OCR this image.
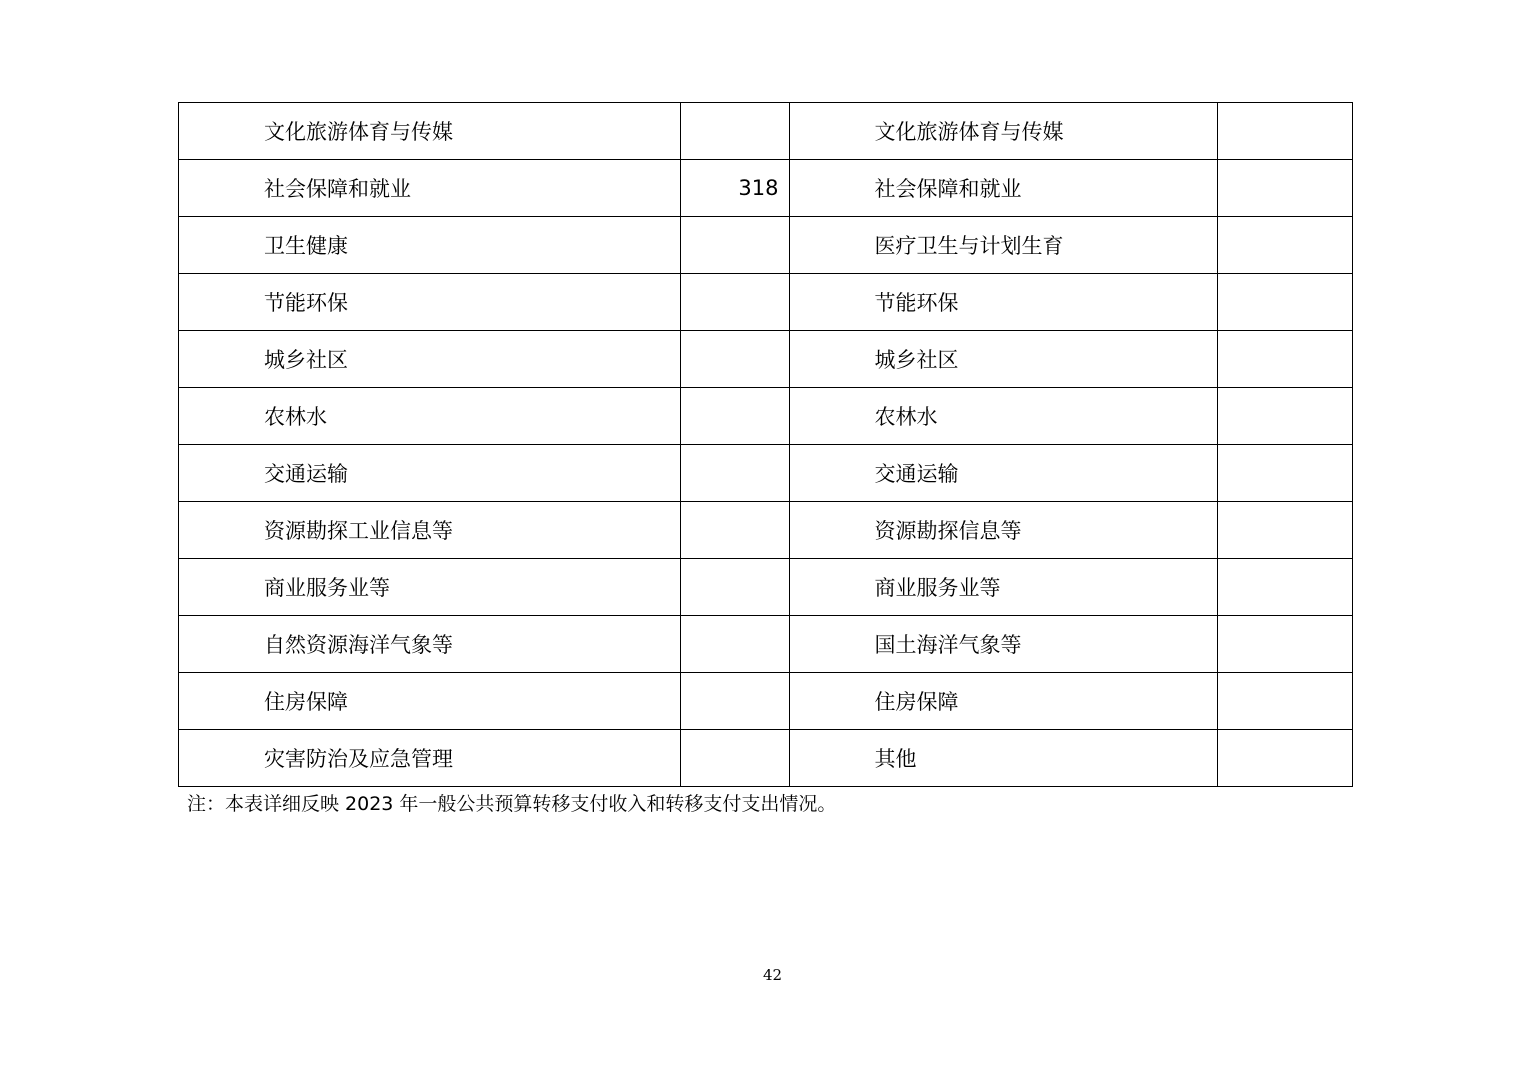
文化旅游体育与传媒		文化旅游体育与传媒	
社会保障和就业	318	社会保障和就业	
卫生健康		医疗卫生与计划生育	
节能环保		节能环保	
城乡社区		城乡社区	
农林水		农林水	
交通运输		交通运输	
资源勘探工业信息等		资源勘探信息等	
商业服务业等		商业服务业等	
自然资源海洋气象等		国土海洋气象等	
住房保障		住房保障	
灾害防治及应急管理		其他	
注：本表详细反映 2023 年一般公共预算转移支付收入和转移支付支出情况。
42
